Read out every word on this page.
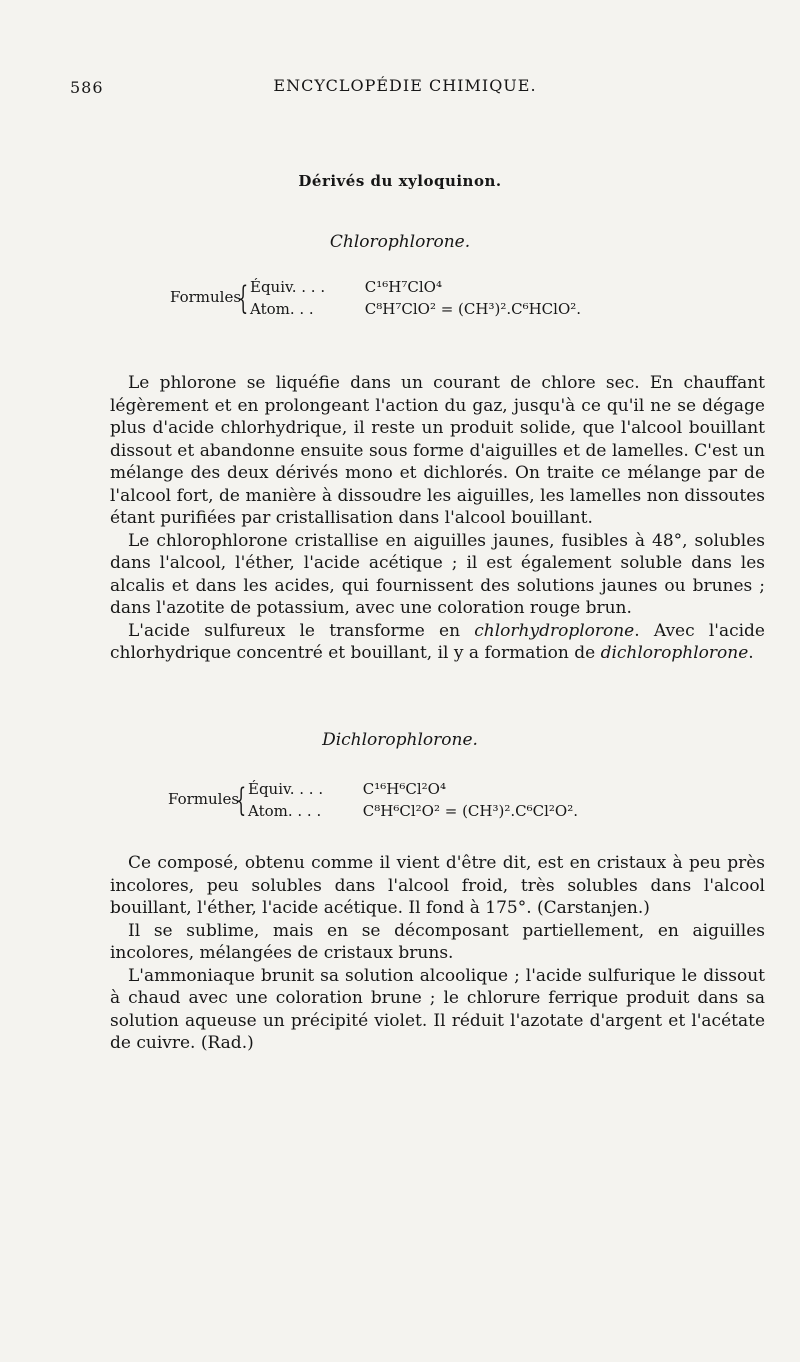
586	ENCYCLOPÉDIE CHIMIQUE.
Dérivés du xyloquinon.
Chlorophlorone.
Formules
{ Équiv. . . .	C¹⁶H⁷ClO⁴
Atom. . .	C⁸H⁷ClO² = (CH³)².C⁶HClO².

Le phlorone se liquéfie dans un courant de chlore sec. En chauffant légèrement et en prolongeant l'action du gaz, jusqu'à ce qu'il ne se dégage plus d'acide chlorhydrique, il reste un produit solide, que l'alcool bouillant dissout et abandonne ensuite sous forme d'aiguilles et de lamelles. C'est un mélange des deux dérivés mono et dichlorés. On traite ce mélange par de l'alcool fort, de manière à dissoudre les aiguilles, les lamelles non dissoutes étant purifiées par cristallisation dans l'alcool bouillant.

Le chlorophlorone cristallise en aiguilles jaunes, fusibles à 48°, solubles dans l'alcool, l'éther, l'acide acétique ; il est également soluble dans les alcalis et dans les acides, qui fournissent des solutions jaunes ou brunes ; dans l'azotite de potassium, avec une coloration rouge brun.

L'acide sulfureux le transforme en chlorhydroplorone. Avec l'acide chlorhydrique concentré et bouillant, il y a formation de dichlorophlorone.

Dichlorophlorone.
Formules
{ Équiv. . . .	C¹⁶H⁶Cl²O⁴
Atom. . . .	C⁸H⁶Cl²O² = (CH³)².C⁶Cl²O².

Ce composé, obtenu comme il vient d'être dit, est en cristaux à peu près incolores, peu solubles dans l'alcool froid, très solubles dans l'alcool bouillant, l'éther, l'acide acétique. Il fond à 175°. (Carstanjen.)

Il se sublime, mais en se décomposant partiellement, en aiguilles incolores, mélangées de cristaux bruns.

L'ammoniaque brunit sa solution alcoolique ; l'acide sulfurique le dissout à chaud avec une coloration brune ; le chlorure ferrique produit dans sa solution aqueuse un précipité violet. Il réduit l'azotate d'argent et l'acétate de cuivre. (Rad.)
